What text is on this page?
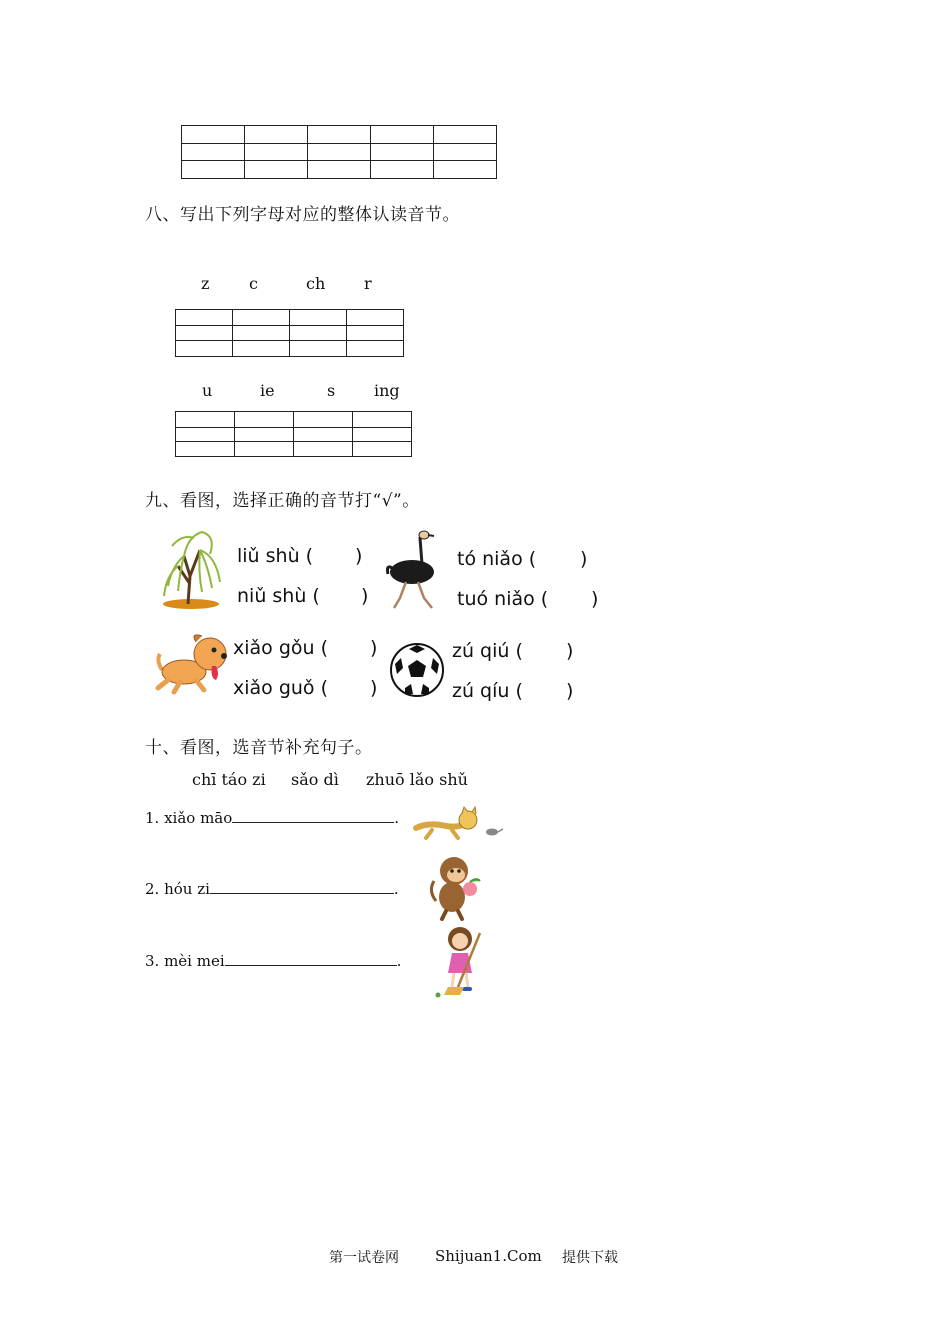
八、写出下列字母对应的整体认读音节。
z c	ch r

u	ie	s ing

九、看图，选择正确的音节打“√”。
liǔ shù ( )
niǔ shù ( )
tó niǎo ( )
tuó niǎo ( )
xiǎo gǒu ( )
xiǎo guǒ ( )
zú qiú ( )
zú qíu ( )
十、看图，选音节补充句子。
chī táo zi sǎo dì zhuō lǎo shǔ
1. xiǎo māo	.
2. hóu zi	.
3. mèi mei	.
第一试卷网 Shijuan1.Com 提供下载
